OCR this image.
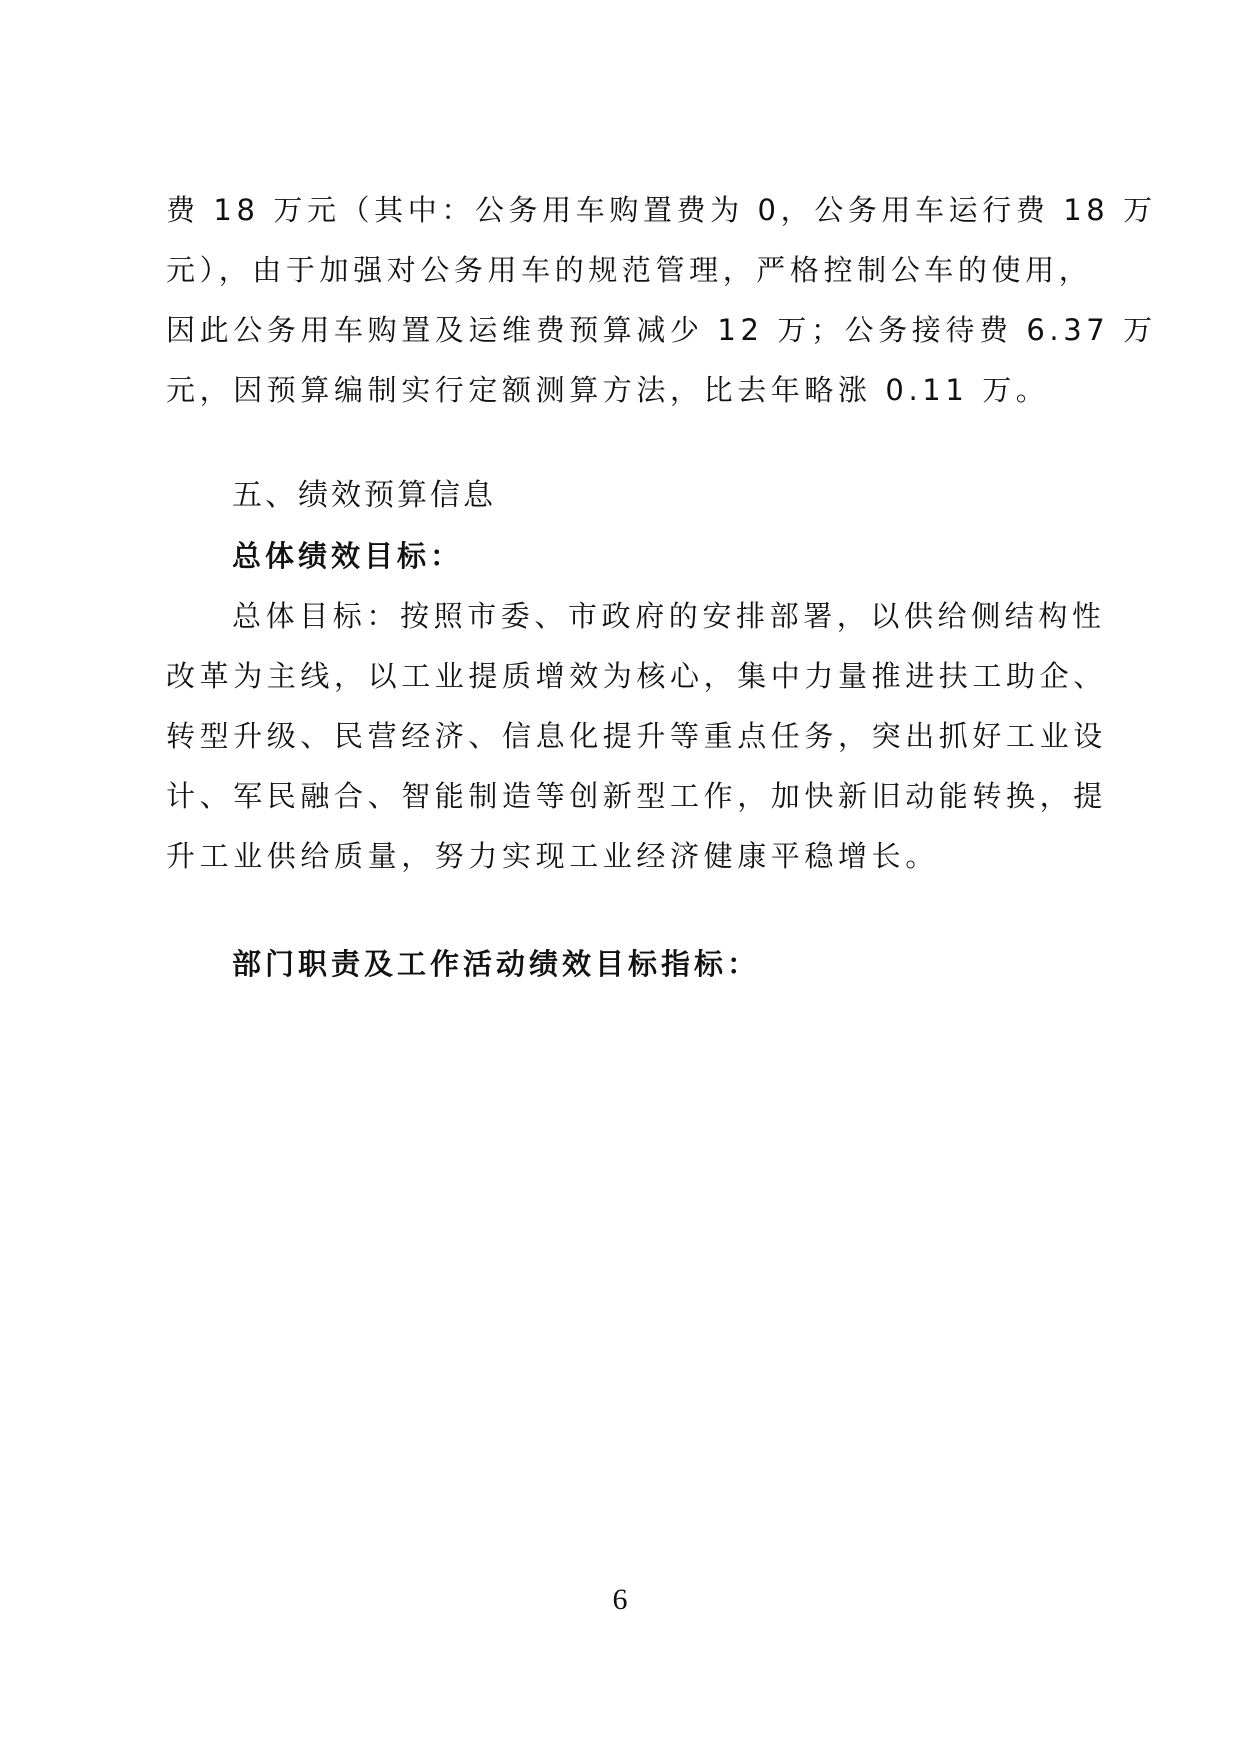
费 18 万元（其中：公务用车购置费为 0，公务用车运行费 18 万
元），由于加强对公务用车的规范管理，严格控制公车的使用，
因此公务用车购置及运维费预算减少 12 万；公务接待费 6.37 万
元，因预算编制实行定额测算方法，比去年略涨 0.11 万。
五、绩效预算信息
总体绩效目标：
总体目标：按照市委、市政府的安排部署，以供给侧结构性
改革为主线，以工业提质增效为核心，集中力量推进扶工助企、
转型升级、民营经济、信息化提升等重点任务，突出抓好工业设
计、军民融合、智能制造等创新型工作，加快新旧动能转换，提
升工业供给质量，努力实现工业经济健康平稳增长。
部门职责及工作活动绩效目标指标：
6
